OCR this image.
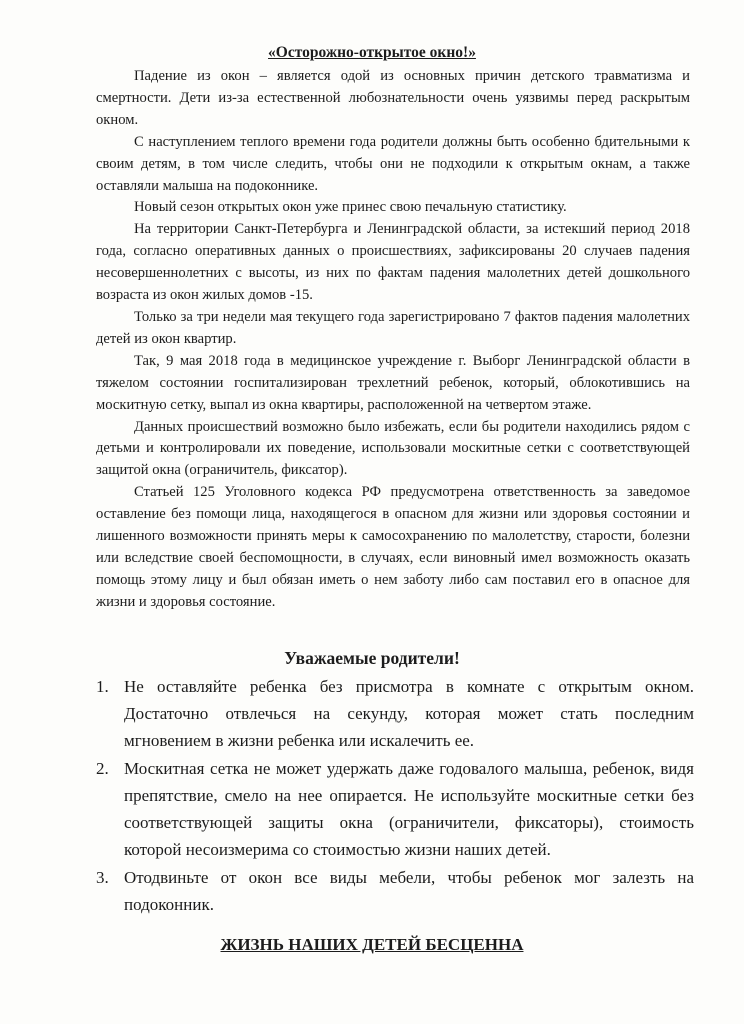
«Осторожно-открытое окно!»

Падение из окон – является одой из основных причин детского травматизма и смертности. Дети из-за естественной любознательности очень уязвимы перед раскрытым окном.

С наступлением теплого времени года родители должны быть особенно бдительными к своим детям, в том числе следить, чтобы они не подходили к открытым окнам, а также оставляли малыша на подоконнике.

Новый сезон открытых окон уже принес свою печальную статистику.

На территории Санкт-Петербурга и Ленинградской области, за истекший период 2018 года, согласно оперативных данных о происшествиях, зафиксированы 20 случаев падения несовершеннолетних с высоты, из них по фактам падения малолетних детей дошкольного возраста из окон жилых домов -15.

Только за три недели мая текущего года зарегистрировано 7 фактов падения малолетних детей из окон квартир.

Так, 9 мая 2018 года в медицинское учреждение г. Выборг Ленинградской области в тяжелом состоянии госпитализирован трехлетний ребенок, который, облокотившись на москитную сетку, выпал из окна квартиры, расположенной на четвертом этаже.

Данных происшествий возможно было избежать, если бы родители находились рядом с детьми и контролировали их поведение, использовали москитные сетки с соответствующей защитой окна (ограничитель, фиксатор).

Статьей 125 Уголовного кодекса РФ предусмотрена ответственность за заведомое оставление без помощи лица, находящегося в опасном для жизни или здоровья состоянии и лишенного возможности принять меры к самосохранению по малолетству, старости, болезни или вследствие своей беспомощности, в случаях, если виновный имел возможность оказать помощь этому лицу и был обязан иметь о нем заботу либо сам поставил его в опасное для жизни и здоровья состояние.

Уважаемые родители!
1. Не оставляйте ребенка без присмотра в комнате с открытым окном. Достаточно отвлечься на секунду, которая может стать последним мгновением в жизни ребенка или искалечить ее.
2. Москитная сетка не может удержать даже годовалого малыша, ребенок, видя препятствие, смело на нее опирается. Не используйте москитные сетки без соответствующей защиты окна (ограничители, фиксаторы), стоимость которой несоизмерима со стоимостью жизни наших детей.
3. Отодвиньте от окон все виды мебели, чтобы ребенок мог залезть на подоконник.
ЖИЗНЬ НАШИХ ДЕТЕЙ БЕСЦЕННА
